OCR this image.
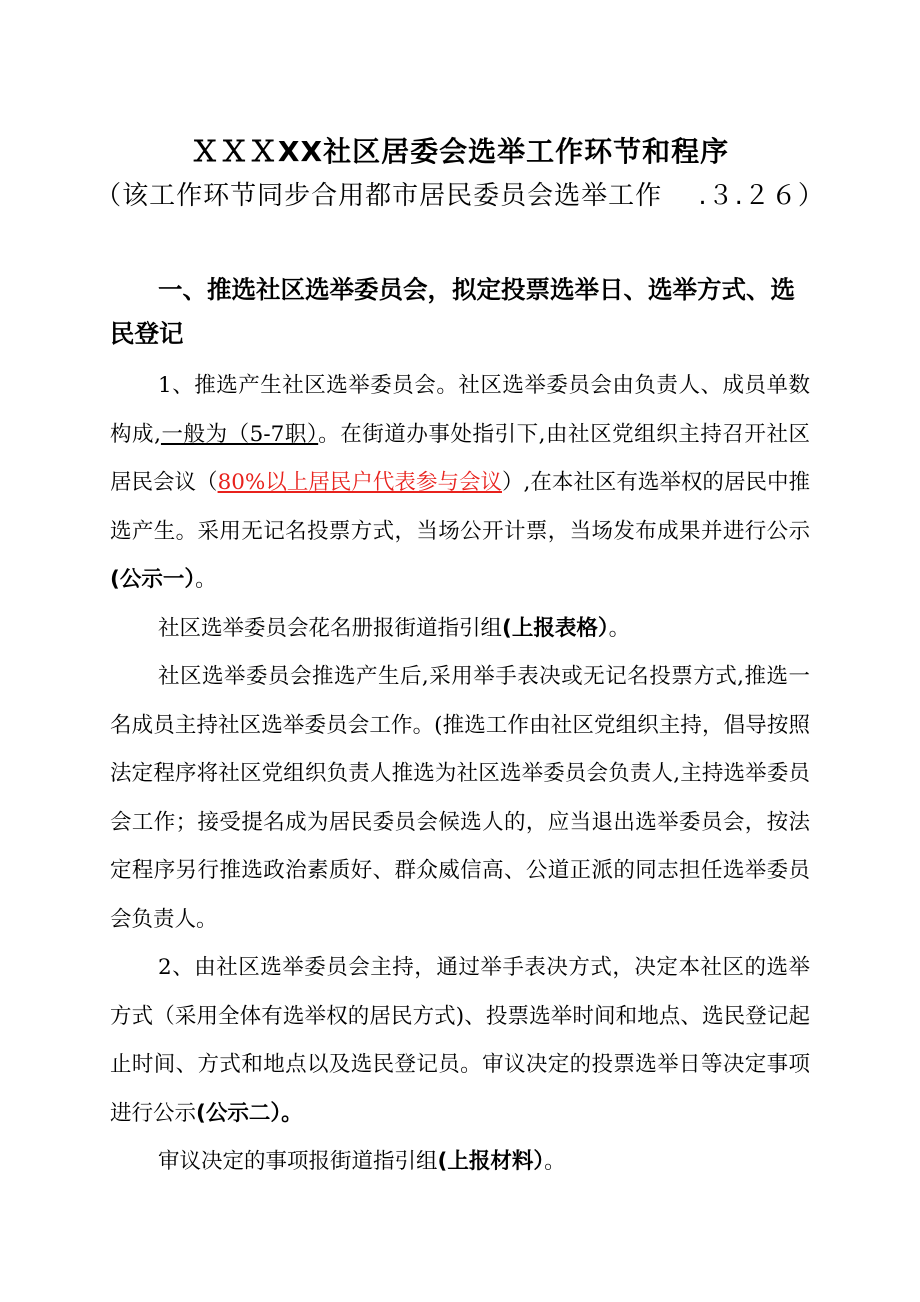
ＸＸＸXX社区居委会选举工作环节和程序
（该工作环节同步合用都市居民委员会选举工作　 .３.２６）
一、推选社区选举委员会，拟定投票选举日、选举方式、选民登记

1、推选产生社区选举委员会。社区选举委员会由负责人、成员单数构成,一般为（5-7职）。在街道办事处指引下,由社区党组织主持召开社区居民会议（80%以上居民户代表参与会议）,在本社区有选举权的居民中推选产生。采用无记名投票方式，当场公开计票，当场发布成果并进行公示(公示一）。

社区选举委员会花名册报街道指引组(上报表格）。

社区选举委员会推选产生后,采用举手表决或无记名投票方式,推选一名成员主持社区选举委员会工作。(推选工作由社区党组织主持，倡导按照法定程序将社区党组织负责人推选为社区选举委员会负责人,主持选举委员会工作；接受提名成为居民委员会候选人的，应当退出选举委员会，按法定程序另行推选政治素质好、群众威信高、公道正派的同志担任选举委员会负责人。

2、由社区选举委员会主持，通过举手表决方式，决定本社区的选举方式（采用全体有选举权的居民方式)、投票选举时间和地点、选民登记起止时间、方式和地点以及选民登记员。审议决定的投票选举日等决定事项进行公示(公示二）。

审议决定的事项报街道指引组(上报材料）。
